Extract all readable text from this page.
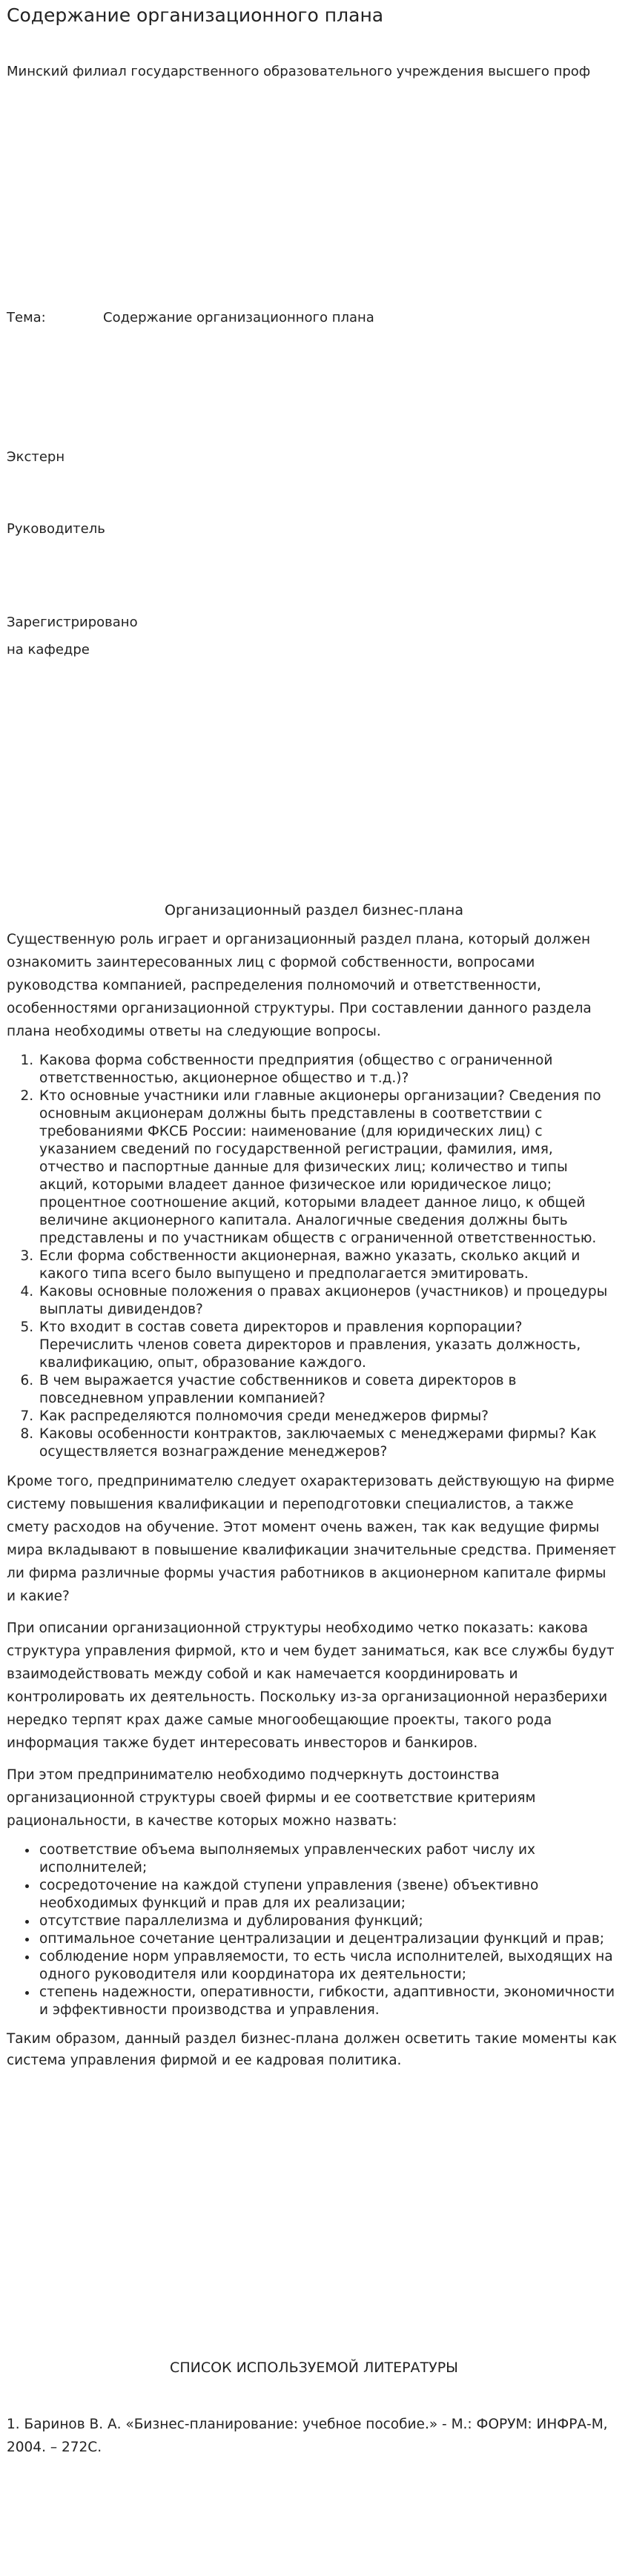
Содержание организационного плана
Минский филиал государственного образовательного учреждения высшего проф
Тема:	Содержание организационного плана
Экстерн
Руководитель
Зарегистрировано
на кафедре
Организационный раздел бизнес-плана

Существенную роль играет и организационный раздел плана, который должен ознакомить заинтересованных лиц с формой собственности, вопросами руководства компанией, распределения полномочий и ответственности, особенностями организационной структуры. При составлении данного раздела плана необходимы ответы на следующие вопросы.

1. Какова форма собственности предприятия (общество с ограниченной ответственностью, акционерное общество и т.д.)?
2. Кто основные участники или главные акционеры организации? Сведения по основным акционерам должны быть представлены в соответствии с требованиями ФКСБ России: наименование (для юридических лиц) с указанием сведений по государственной регистрации, фамилия, имя, отчество и паспортные данные для физических лиц; количество и типы акций, которыми владеет данное физическое или юридическое лицо; процентное соотношение акций, которыми владеет данное лицо, к общей величине акционерного капитала. Аналогичные сведения должны быть представлены и по участникам обществ с ограниченной ответственностью.
3. Если форма собственности акционерная, важно указать, сколько акций и какого типа всего было выпущено и предполагается эмитировать.
4. Каковы основные положения о правах акционеров (участников) и процедуры выплаты дивидендов?
5. Кто входит в состав совета директоров и правления корпорации? Перечислить членов совета директоров и правления, указать должность, квалификацию, опыт, образование каждого.
6. В чем выражается участие собственников и совета директоров в повседневном управлении компанией?
7. Как распределяются полномочия среди менеджеров фирмы?
8. Каковы особенности контрактов, заключаемых с менеджерами фирмы? Как осуществляется вознаграждение менеджеров?

Кроме того, предпринимателю следует охарактеризовать действующую на фирме систему повышения квалификации и переподготовки специалистов, а также смету расходов на обучение. Этот момент очень важен, так как ведущие фирмы мира вкладывают в повышение квалификации значительные средства. Применяет ли фирма различные формы участия работников в акционерном капитале фирмы и какие?

При описании организационной структуры необходимо четко показать: какова структура управления фирмой, кто и чем будет заниматься, как все службы будут взаимодействовать между собой и как намечается координировать и контролировать их деятельность. Поскольку из-за организационной неразберихи нередко терпят крах даже самые многообещающие проекты, такого рода информация также будет интересовать инвесторов и банкиров.

При этом предпринимателю необходимо подчеркнуть достоинства организационной структуры своей фирмы и ее соответствие критериям рациональности, в качестве которых можно назвать:

• соответствие объема выполняемых управленческих работ числу их исполнителей;
• сосредоточение на каждой ступени управления (звене) объективно необходимых функций и прав для их реализации;
• отсутствие параллелизма и дублирования функций;
• оптимальное сочетание централизации и децентрализации функций и прав;
• соблюдение норм управляемости, то есть числа исполнителей, выходящих на одного руководителя или координатора их деятельности;
• степень надежности, оперативности, гибкости, адаптивности, экономичности и эффективности производства и управления.

Таким образом, данный раздел бизнес-плана должен осветить такие моменты как система управления фирмой и ее кадровая политика.

СПИСОК ИСПОЛЬЗУЕМОЙ ЛИТЕРАТУРЫ
1. Баринов В. А. «Бизнес-планирование: учебное пособие.» - М.: ФОРУМ: ИНФРА-М, 2004. – 272С.
